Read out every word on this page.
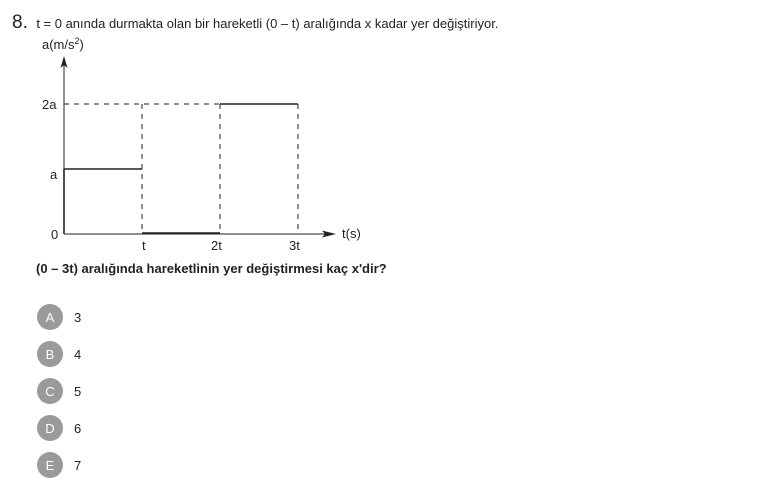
8. t = 0 anında durmakta olan bir hareketli (0 – t) aralığında x kadar yer değiştiriyor.
$a(m/s^2)$
t(s)
0
a
2a
t	2t	3t
(0 – 3t) aralığında hareketlinin yer değiştirmesi kaç x'dir?
A	3
B	4
C	5
D	6
E	7
